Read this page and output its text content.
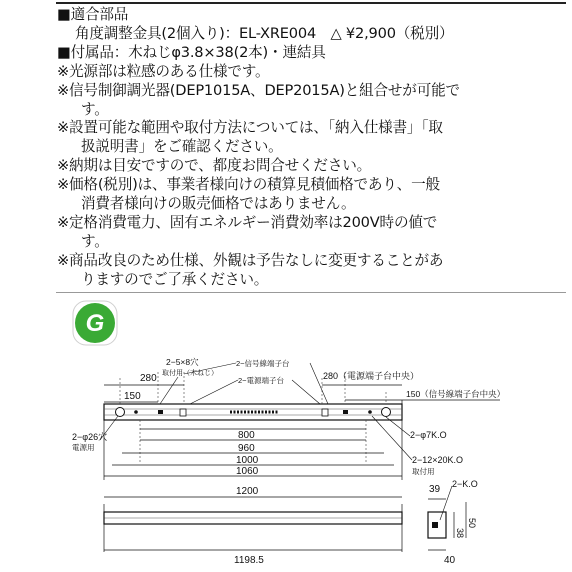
■適合部品
角度調整金具(2個入り)：EL-XRE004　△ ¥2,900（税別）
■付属品：木ねじφ3.8×38(2本)・連結具
※光源部は粒感のある仕様です。
※信号制御調光器(DEP1015A、DEP2015A)と組合せが可能で
す。
※設置可能な範囲や取付方法については、「納入仕様書」「取
扱説明書」をご確認ください。
※納期は目安ですので、都度お問合せください。
※価格(税別)は、事業者様向けの積算見積価格であり、一般
消費者様向けの販売価格ではありません。
※定格消費電力、固有エネルギー消費効率は200V時の値で
す。
※商品改良のため仕様、外観は予告なしに変更することがあ
りますのでご了承ください。
G
2−5×8穴
取付用（木ねじ）
2−信号線端子台
2−電源端子台
280
150
280（電源端子台中央）
150（信号線端子台中央）
2−φ26穴
電源用
2−φ7K.O
2−12×20K.O
取付用
800
960
1000
1060
1200
1198.5
39 2−K.O
38
50
40
